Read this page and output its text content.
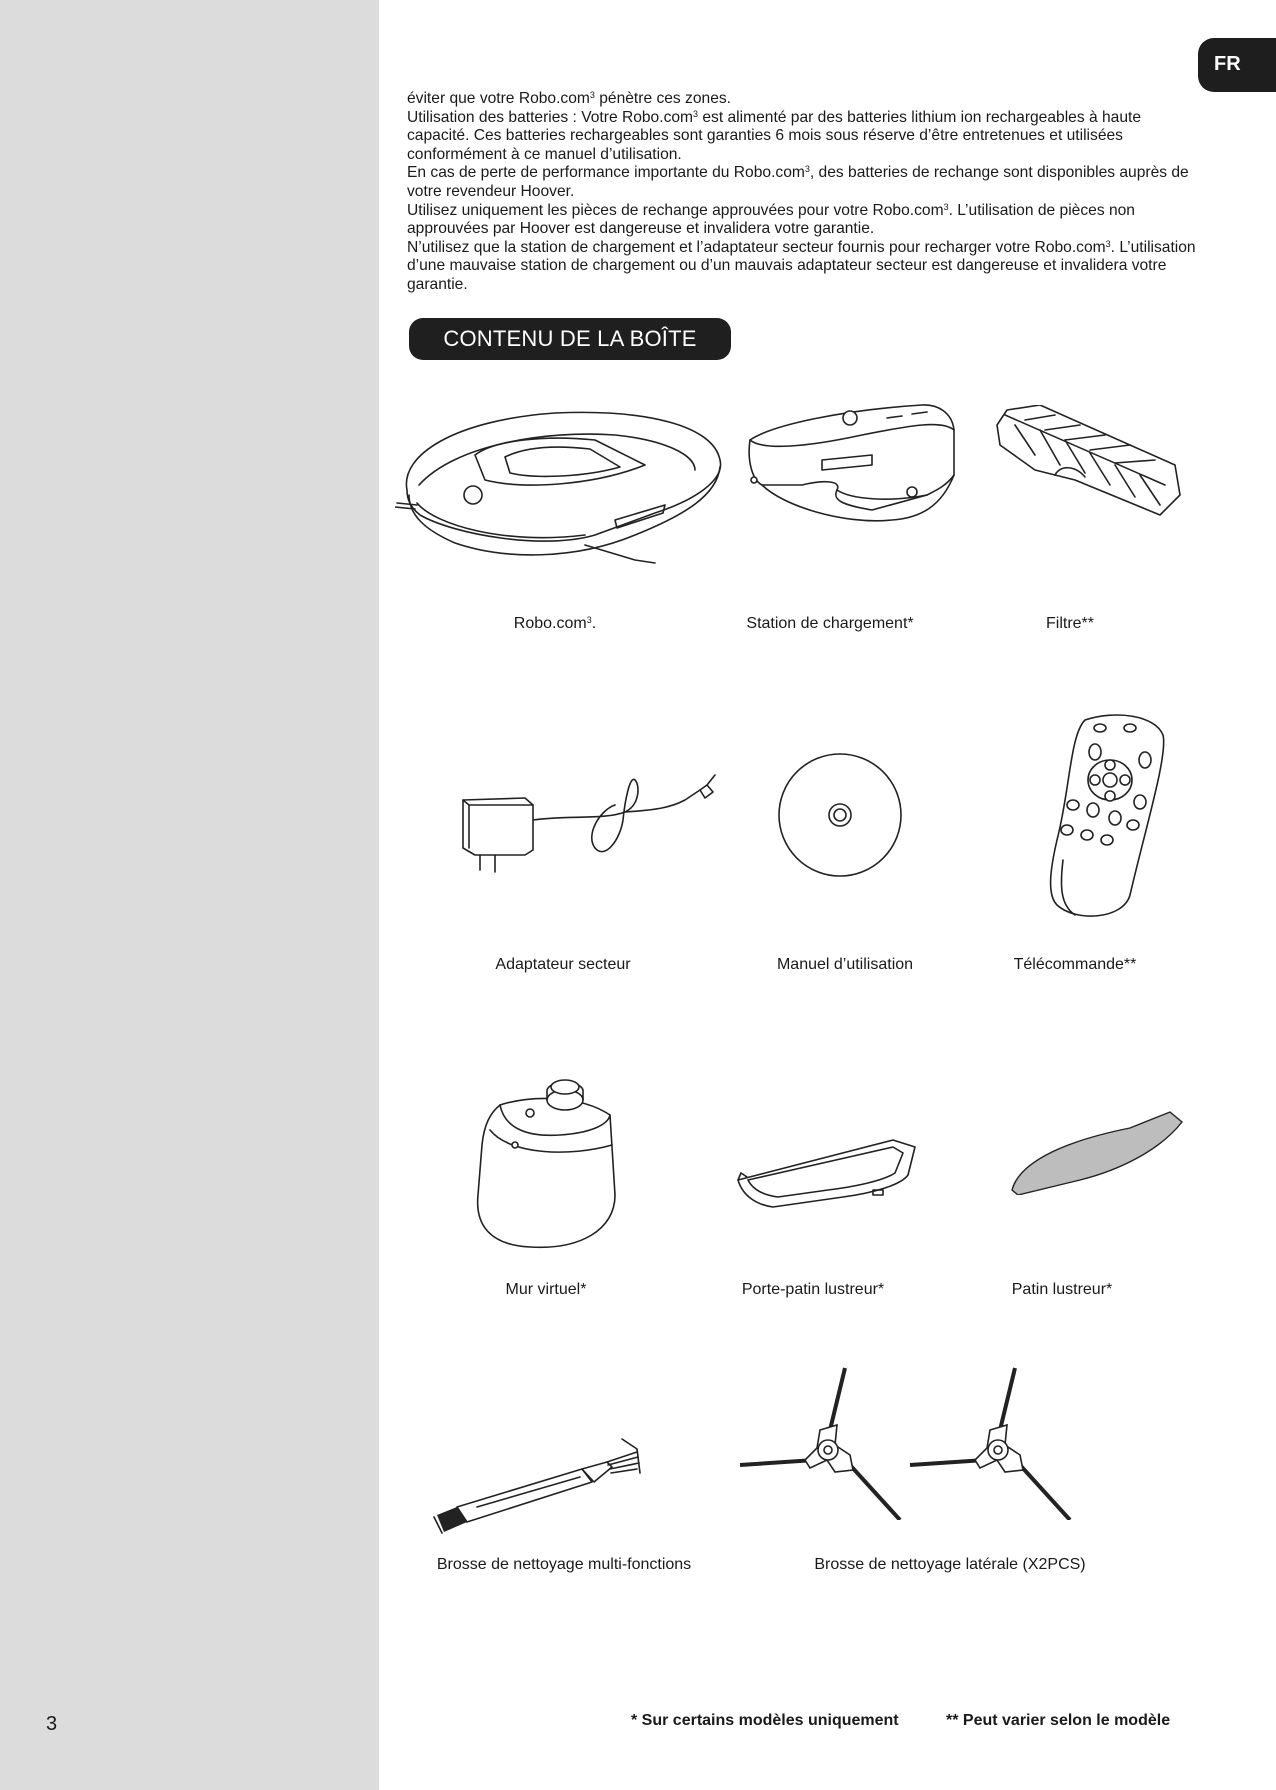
3
FR

éviter que votre Robo.com$^3$ pénètre ces zones.

Utilisation des batteries : Votre Robo.com$^3$ est alimenté par des batteries lithium ion rechargeables à haute capacité. Ces batteries rechargeables sont garanties 6 mois sous réserve d’être entretenues et utilisées conformément à ce manuel d’utilisation.

En cas de perte de performance importante du Robo.com$^3$, des batteries de rechange sont disponibles auprès de votre revendeur Hoover.

Utilisez uniquement les pièces de rechange approuvées pour votre Robo.com$^3$. L’utilisation de pièces non approuvées par Hoover est dangereuse et invalidera votre garantie.

N’utilisez que la station de chargement et l’adaptateur secteur fournis pour recharger votre Robo.com$^3$. L’utilisation d’une mauvaise station de chargement ou d’un mauvais adaptateur secteur est dangereuse et invalidera votre garantie.

CONTENU DE LA BOÎTE
Robo.com$^3$.	Station de chargement*	Filtre**
Adaptateur secteur	Manuel d’utilisation	Télécommande**
Mur virtuel*	Porte-patin lustreur*	Patin lustreur*
Brosse de nettoyage multi-fonctions	Brosse de nettoyage latérale (X2PCS)
* Sur certains modèles uniquement	** Peut varier selon le modèle
